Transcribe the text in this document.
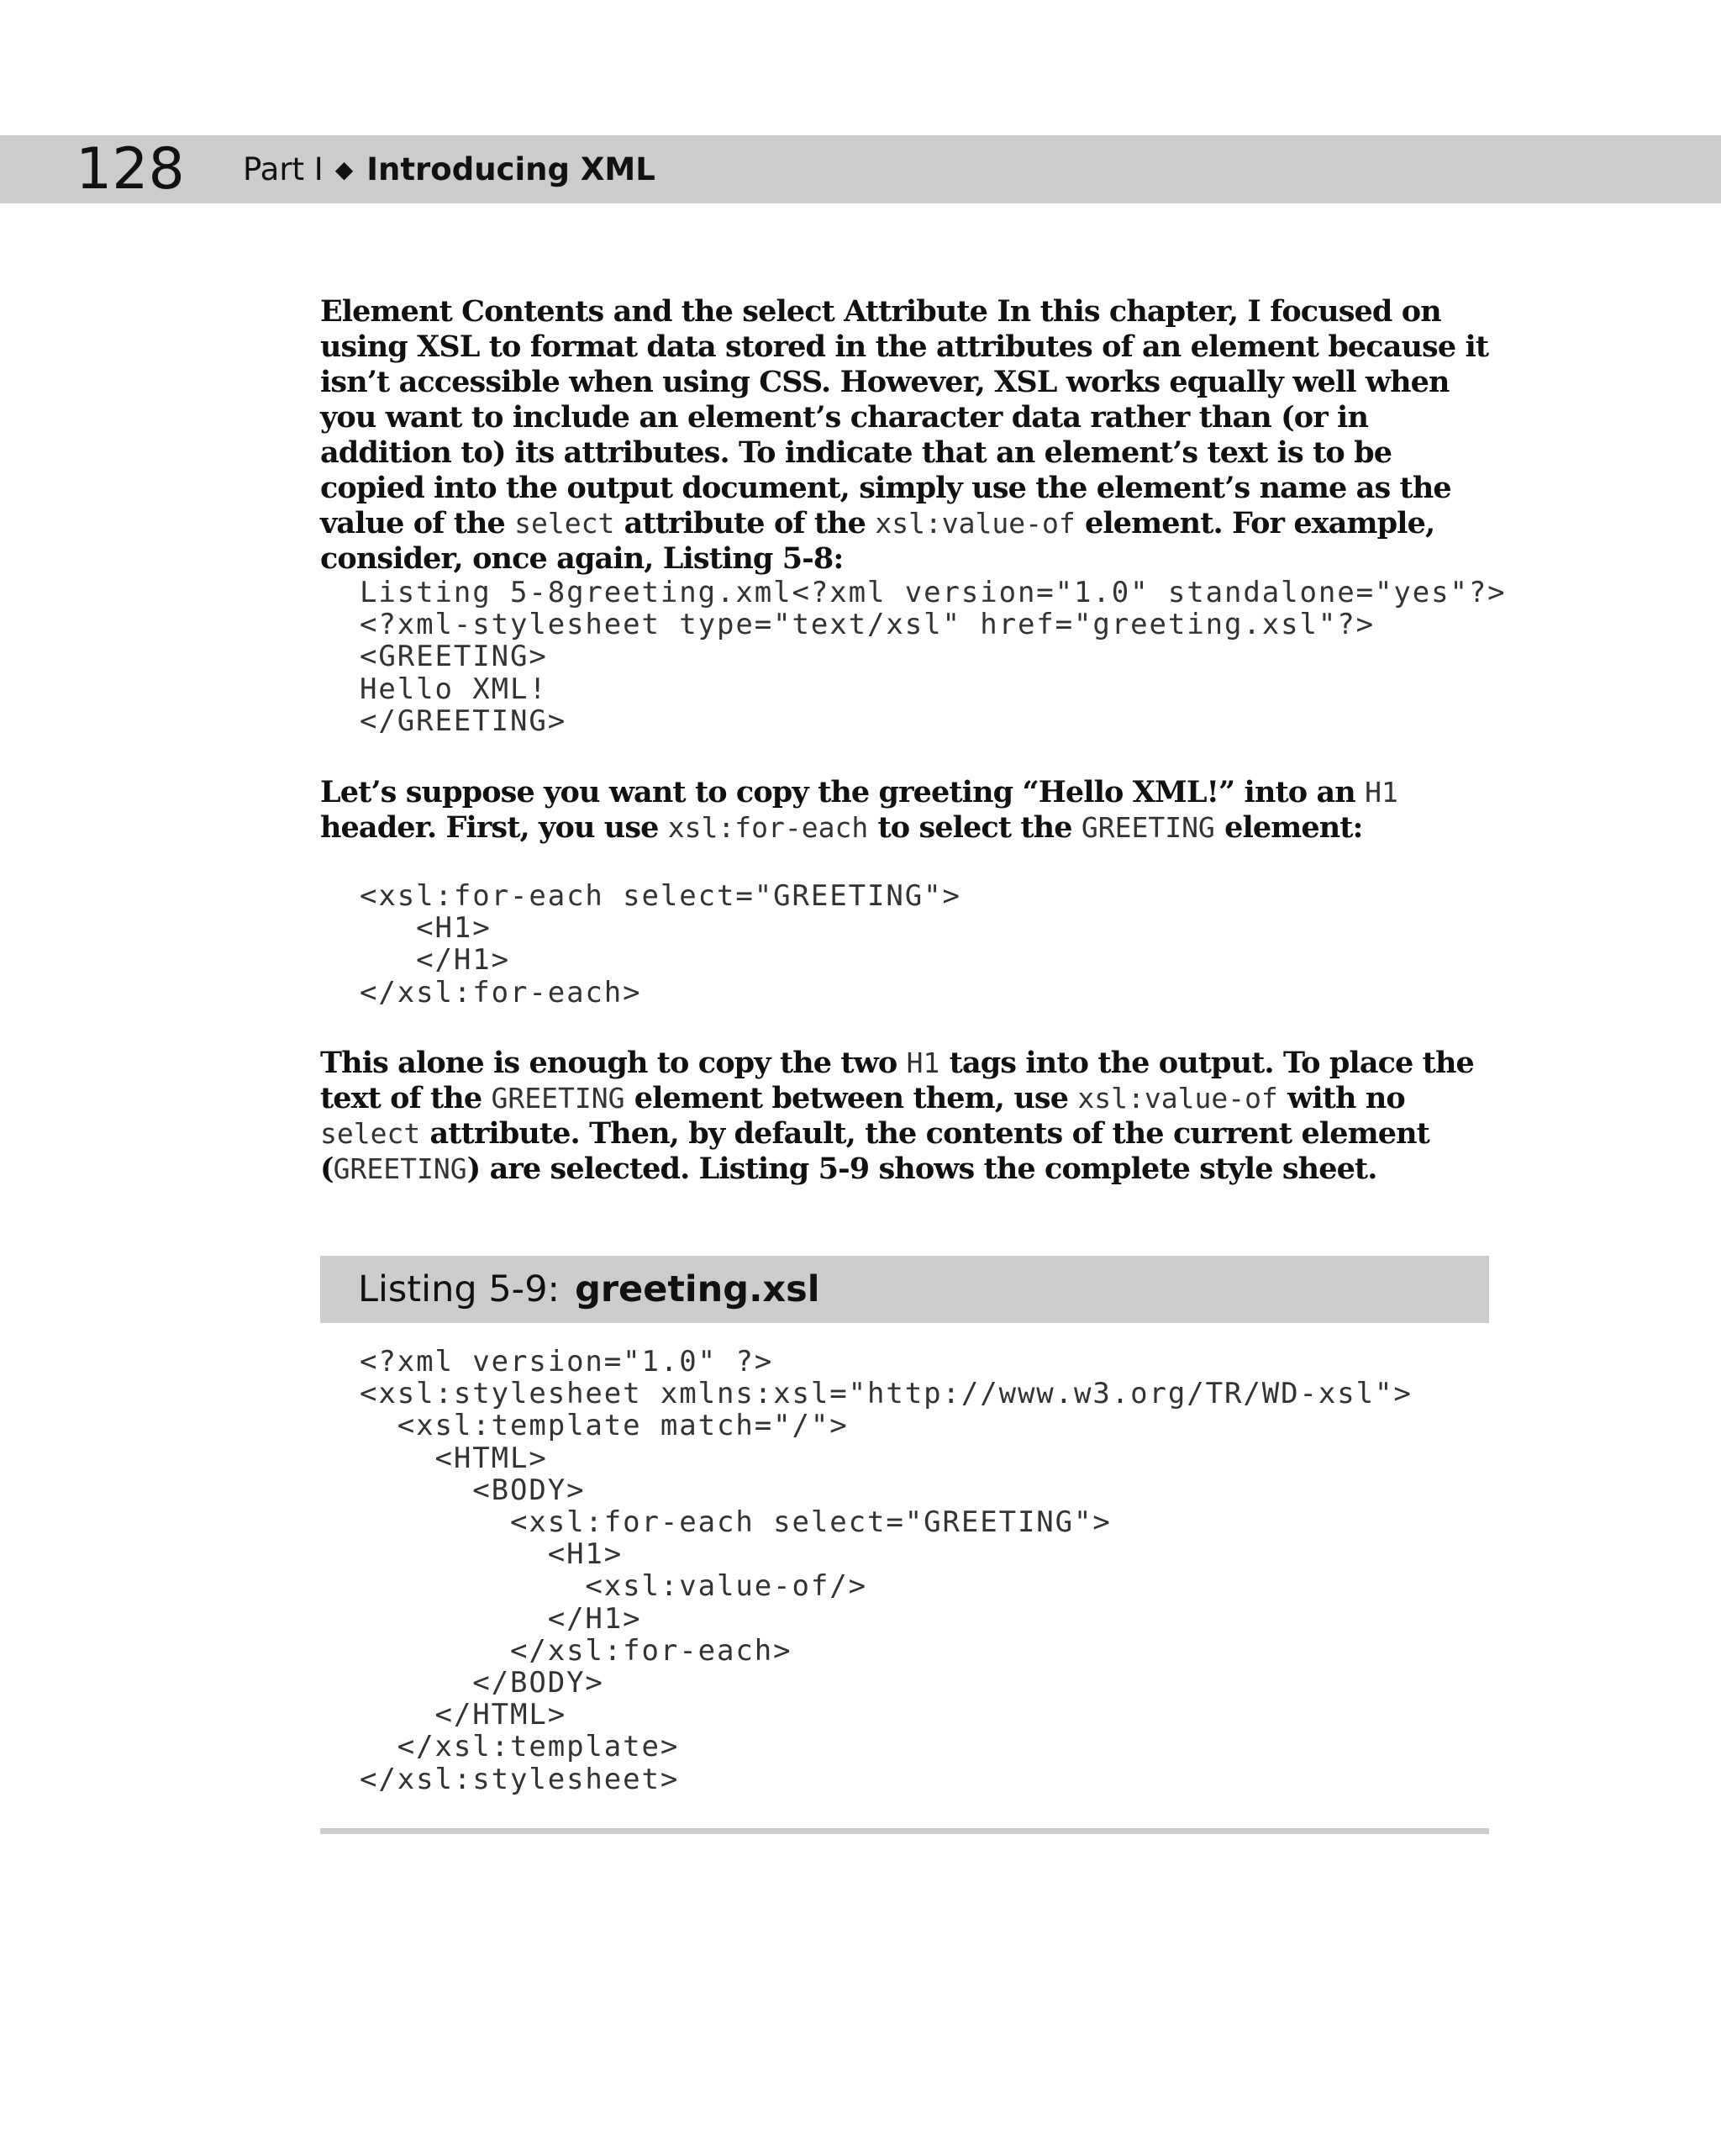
128 Part I ◆ Introducing XML

Element Contents and the select Attribute In this chapter, I focused on using XSL to format data stored in the attributes of an element because it isn’t accessible when using CSS. However, XSL works equally well when you want to include an element’s character data rather than (or in addition to) its attributes. To indicate that an element’s text is to be copied into the output document, simply use the element’s name as the value of the select attribute of the xsl:value-of element. For example, consider, once again, Listing 5-8:

Listing 5-8greeting.xml<?xml version="1.0" standalone="yes"?>
<?xml-stylesheet type="text/xsl" href="greeting.xsl"?>
<GREETING>
Hello XML!
</GREETING>

Let’s suppose you want to copy the greeting “Hello XML!” into an H1 header. First, you use xsl:for-each to select the GREETING element:

<xsl:for-each select="GREETING">
<H1>
</H1>
</xsl:for-each>

This alone is enough to copy the two H1 tags into the output. To place the text of the GREETING element between them, use xsl:value-of with no select attribute. Then, by default, the contents of the current element (GREETING) are selected. Listing 5-9 shows the complete style sheet.

Listing 5-9: greeting.xsl
<?xml version="1.0" ?>
<xsl:stylesheet xmlns:xsl="http://www.w3.org/TR/WD-xsl">
<xsl:template match="/">
<HTML>
<BODY>
<xsl:for-each select="GREETING">
<H1>
<xsl:value-of/>
</H1>
</xsl:for-each>
</BODY>
</HTML>
</xsl:template>
</xsl:stylesheet>
